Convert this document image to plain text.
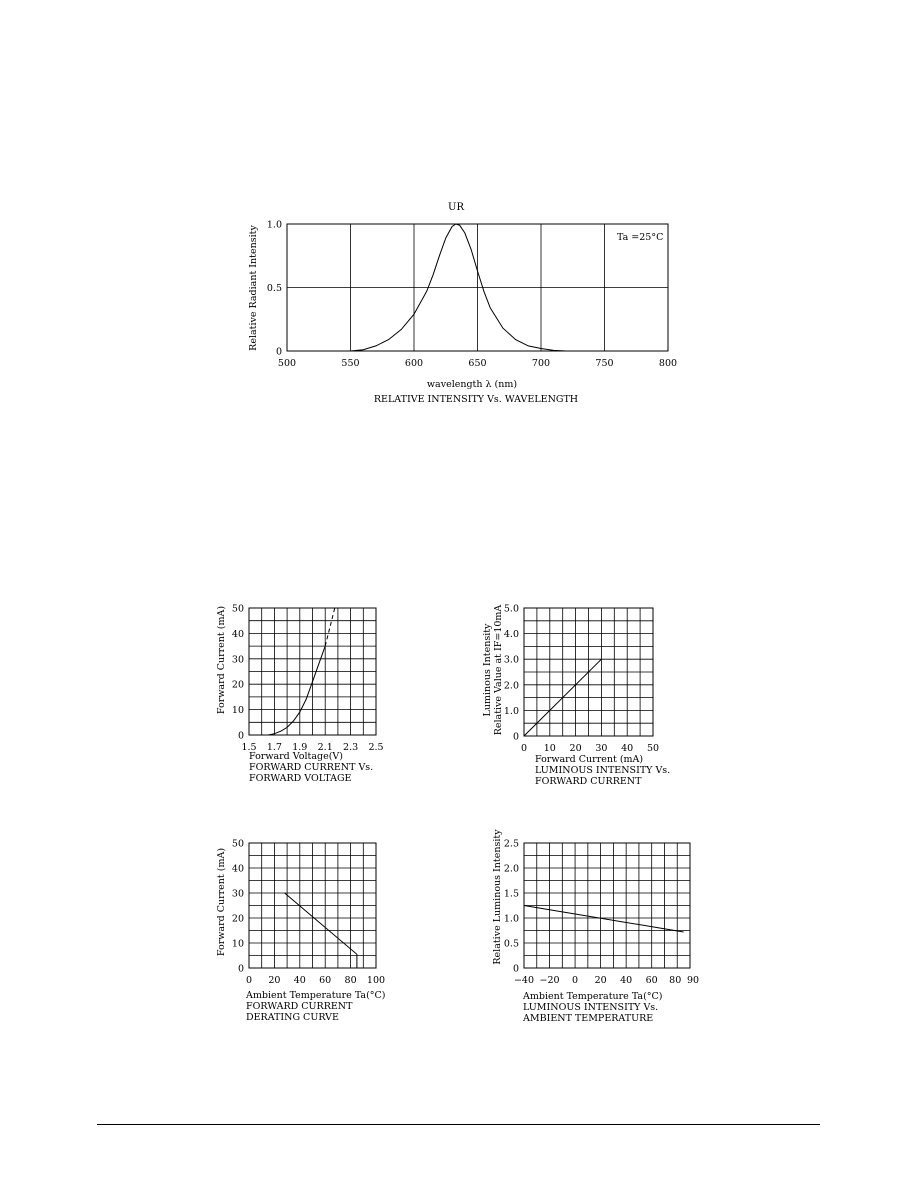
500	550	600	650	700	750	800
0
0.5
1.0
UR
Ta =25°C
Relative Radiant Intensity
wavelength λ (nm)
RELATIVE INTENSITY Vs. WAVELENGTH
1.5 1.7 1.9 2.1 2.3 2.5
0
10
20
30
40
50
Forward Current (mA)
Forward Voltage(V)
FORWARD CURRENT Vs.
FORWARD VOLTAGE
0 10 20 30 40 50
0
1.0
2.0
3.0
4.0
5.0
Luminous Intensity Relative Value at IF=10mA
Forward Current (mA)
LUMINOUS INTENSITY Vs.
FORWARD CURRENT
0 20 40 60 80 100
0
10
20
30
40
50
Forward Current (mA)
Ambient Temperature Ta(°C)
FORWARD CURRENT
DERATING CURVE
−40 −20 0 20 40 60 80 90
0
0.5
1.0
1.5
2.0
2.5
Relative Luminous Intensity
Ambient Temperature Ta(°C)
LUMINOUS INTENSITY Vs.
AMBIENT TEMPERATURE
